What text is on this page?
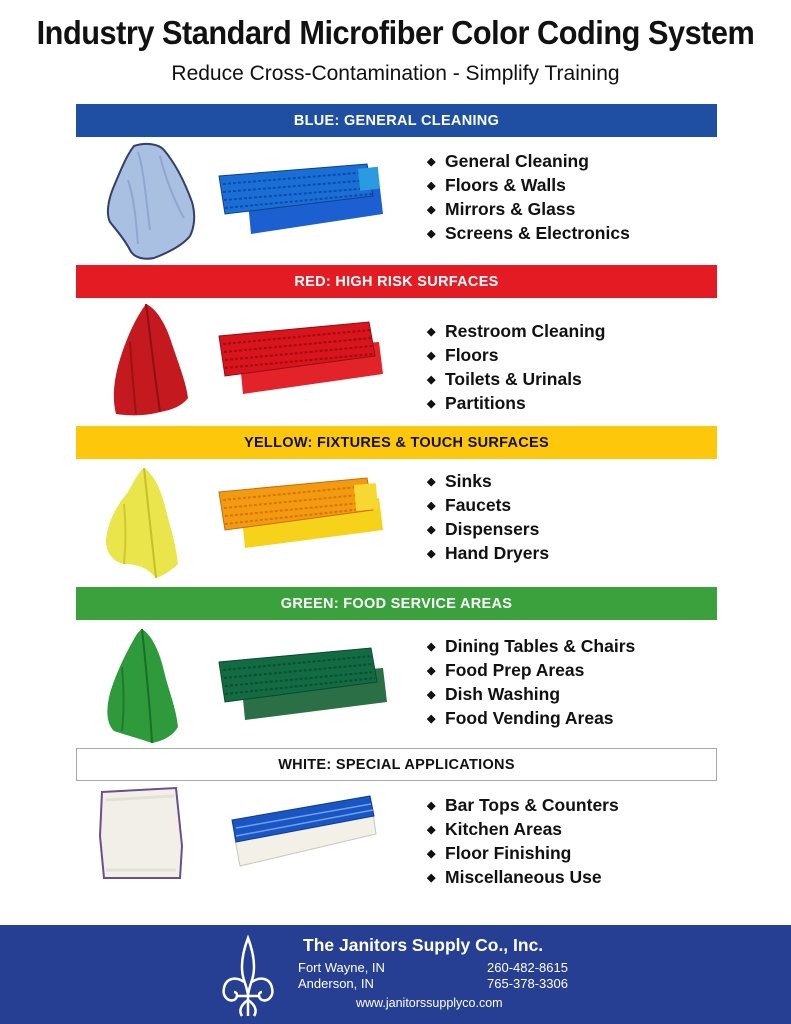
Industry Standard Microfiber Color Coding System
Reduce Cross-Contamination - Simplify Training
BLUE: GENERAL CLEANING
◆ General Cleaning
◆ Floors & Walls
◆ Mirrors & Glass
◆ Screens & Electronics
RED: HIGH RISK SURFACES
◆ Restroom Cleaning
◆ Floors
◆ Toilets & Urinals
◆ Partitions
YELLOW: FIXTURES & TOUCH SURFACES
◆ Sinks
◆ Faucets
◆ Dispensers
◆ Hand Dryers
GREEN: FOOD SERVICE AREAS
◆ Dining Tables & Chairs
◆ Food Prep Areas
◆ Dish Washing
◆ Food Vending Areas
WHITE: SPECIAL APPLICATIONS
◆ Bar Tops & Counters
◆ Kitchen Areas
◆ Floor Finishing
◆ Miscellaneous Use
The Janitors Supply Co., Inc.
Fort Wayne, IN	260-482-8615
Anderson, IN	765-378-3306
www.janitorssupplyco.com
